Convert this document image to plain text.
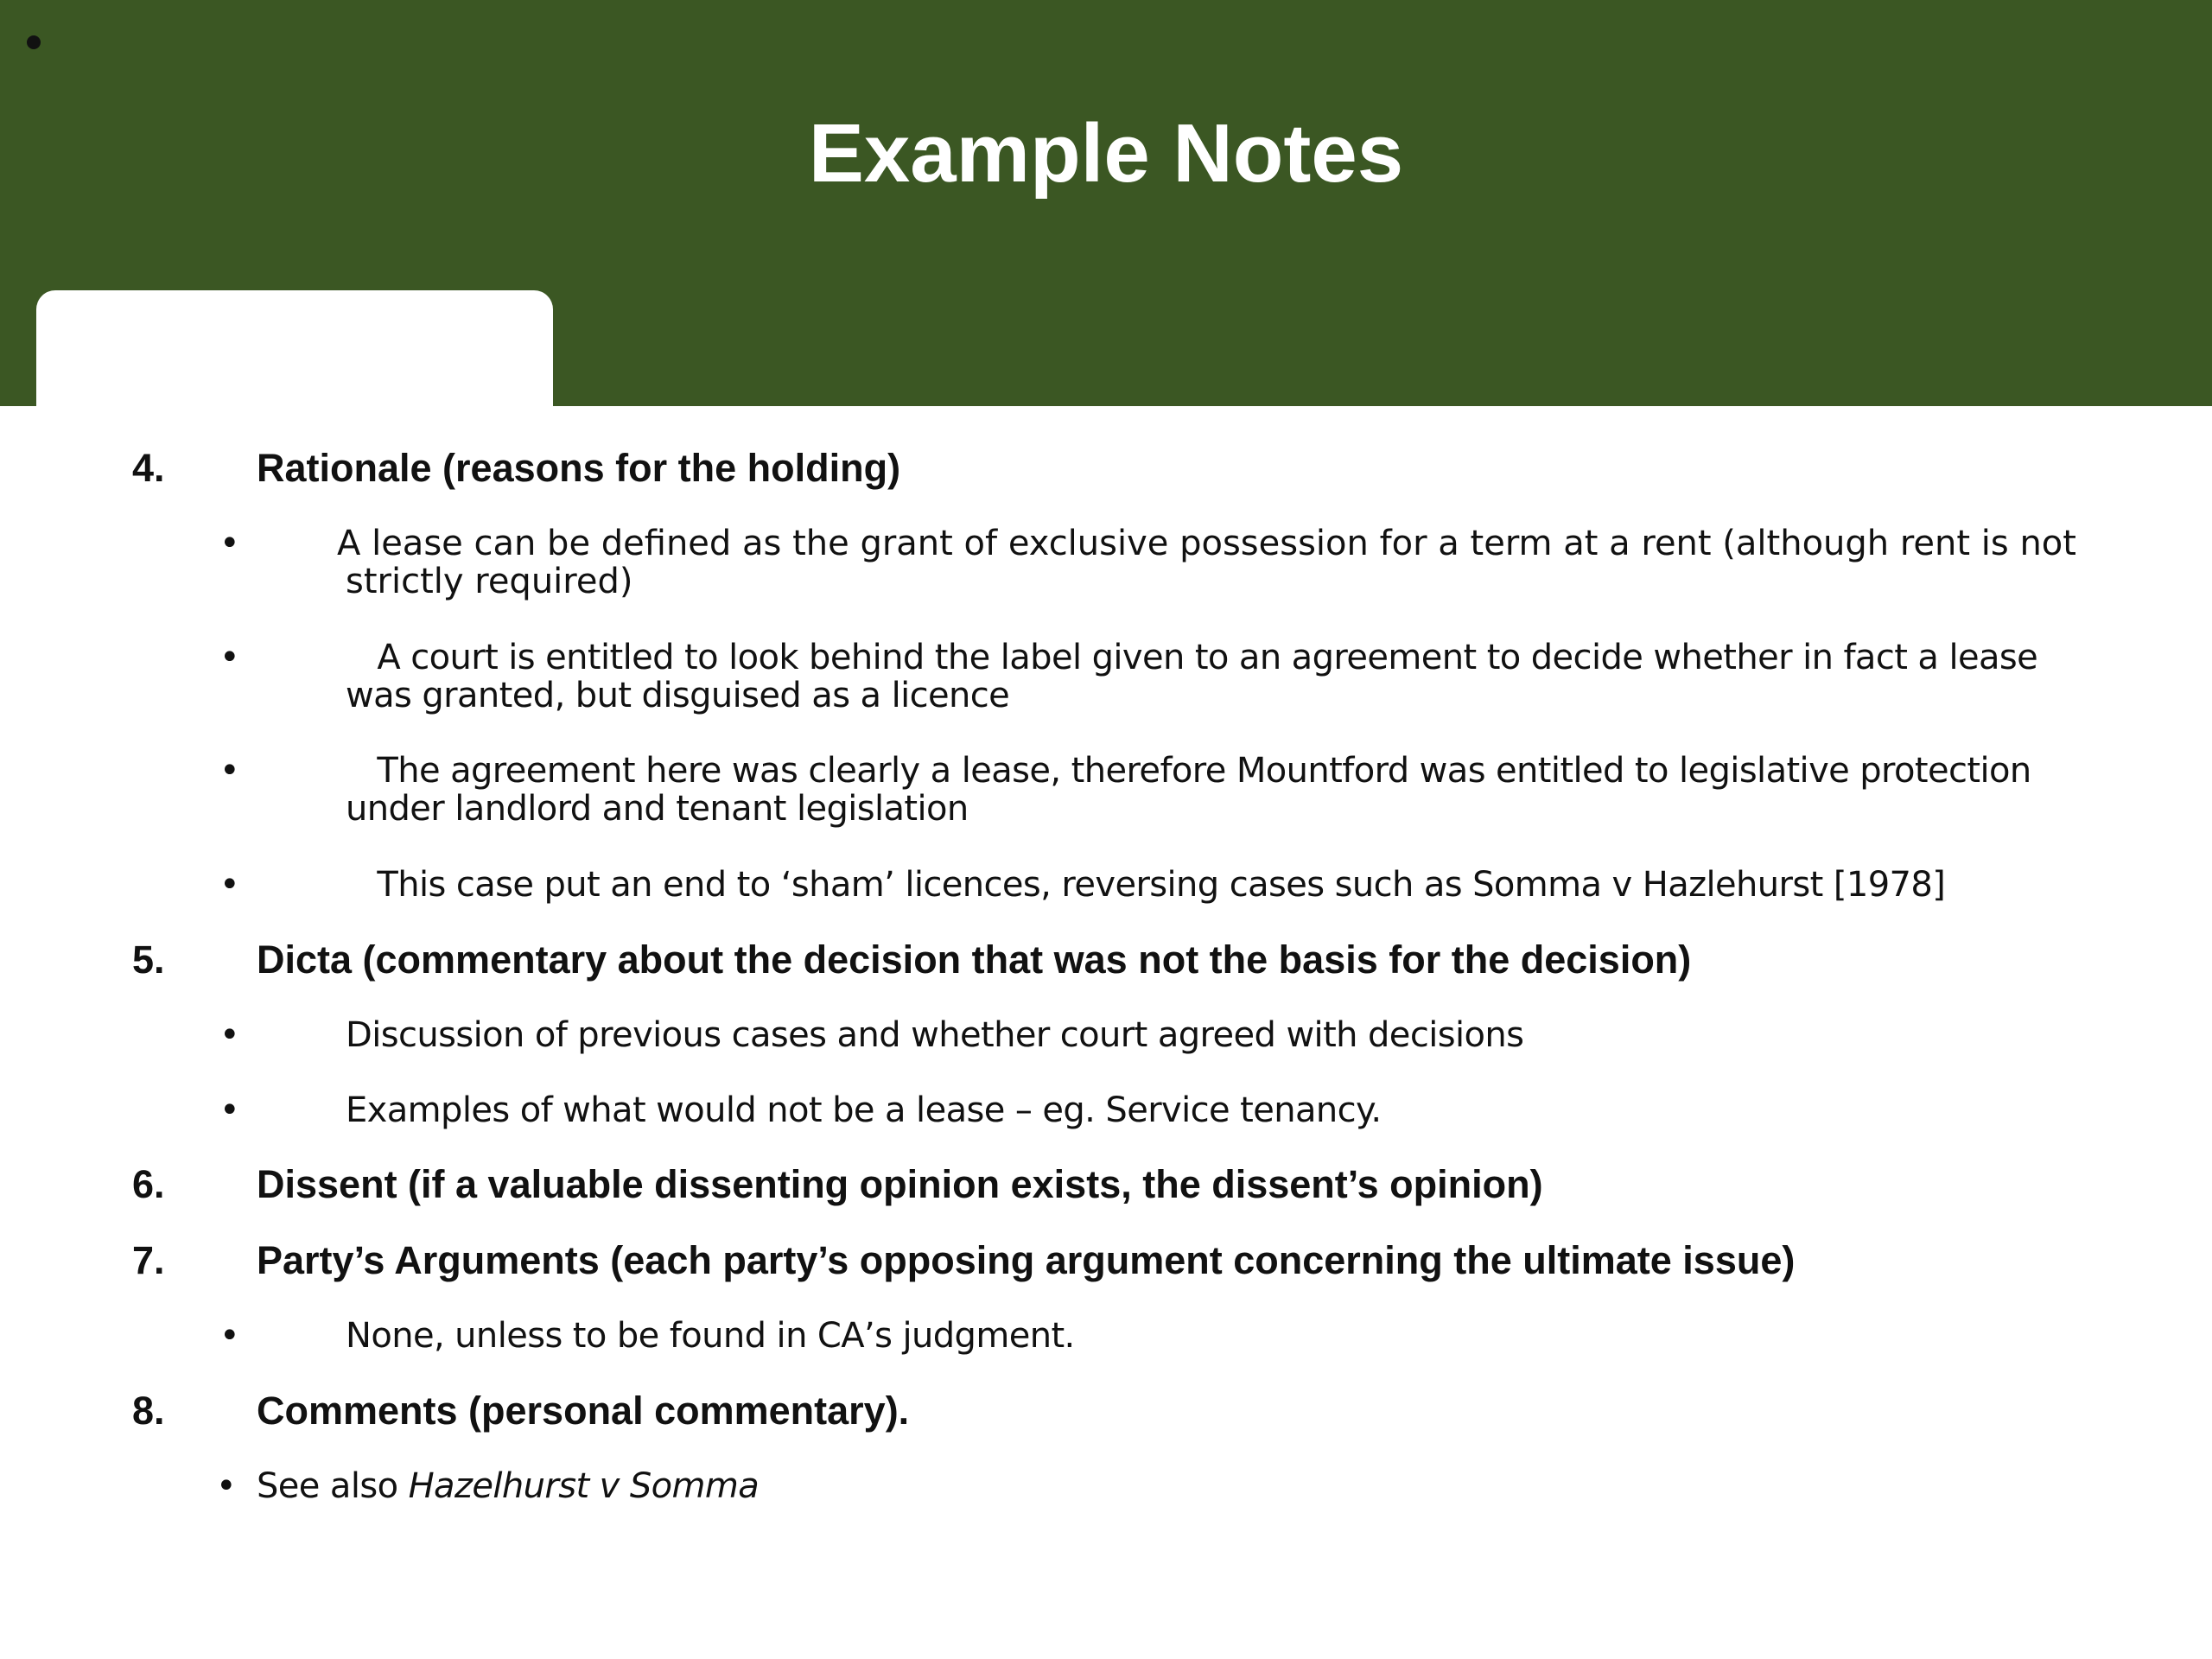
Example Notes
4. Rationale (reasons for the holding)
•	A lease can be defined as the grant of exclusive possession for a term at a rent (although rent is not strictly required)
•	A court is entitled to look behind the label given to an agreement to decide whether in fact a lease was granted, but disguised as a licence
•	The agreement here was clearly a lease, therefore Mountford was entitled to legislative protection under landlord and tenant legislation
•	This case put an end to ‘sham’ licences, reversing cases such as Somma v Hazlehurst [1978]
5. Dicta (commentary about the decision that was not the basis for the decision)
•	Discussion of previous cases and whether court agreed with decisions
•	Examples of what would not be a lease – eg. Service tenancy.
6. Dissent (if a valuable dissenting opinion exists, the dissent’s opinion)
7. Party’s Arguments (each party’s opposing argument concerning the ultimate issue)
•	None, unless to be found in CA’s judgment.
8. Comments (personal commentary).
• See also Hazelhurst v Somma
